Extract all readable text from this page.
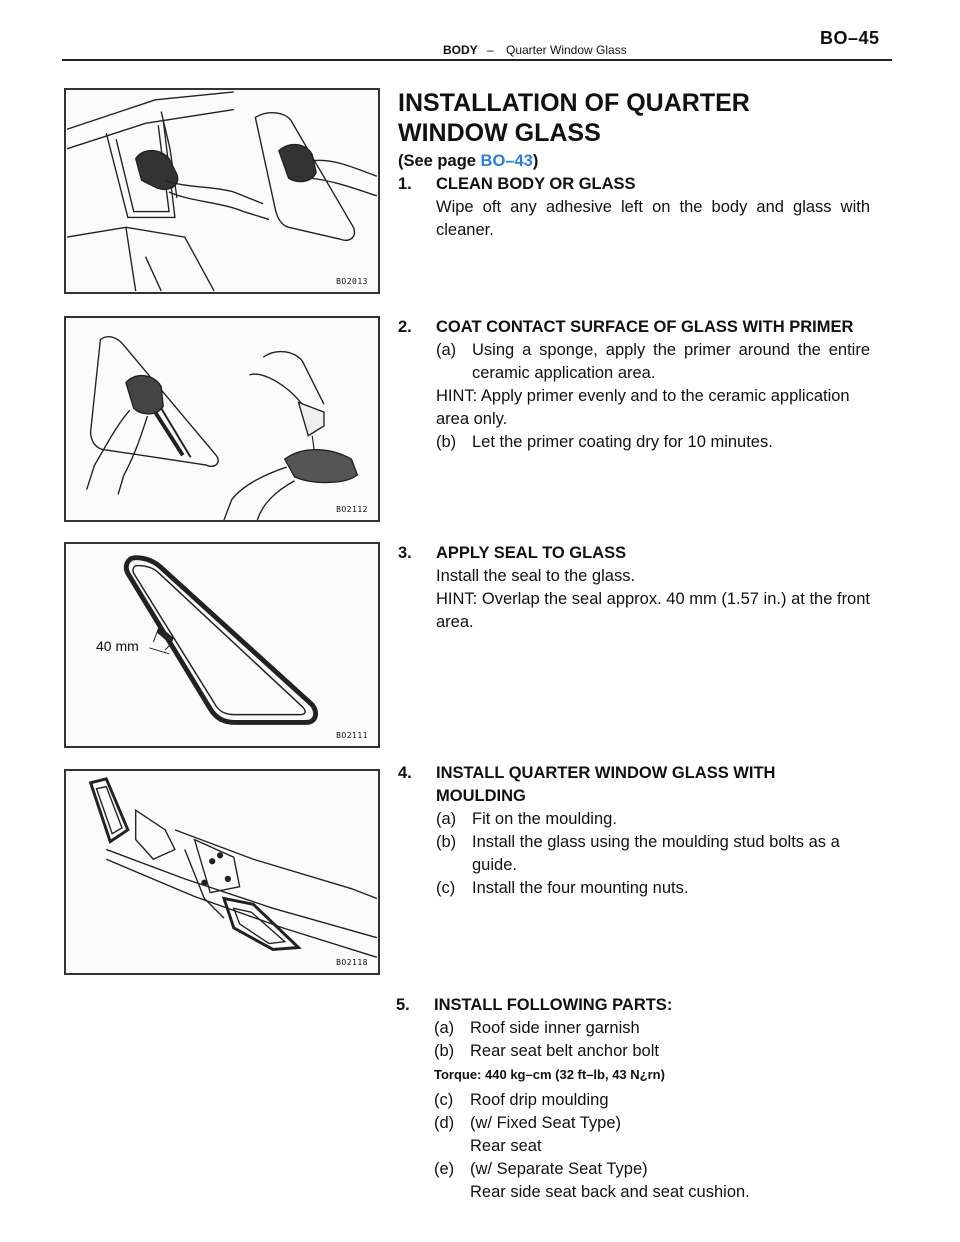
BODY – Quarter Window Glass
BO–45
BO2013
BO2112
40 mm
BO2111
BO2118
INSTALLATION OF QUARTER
WINDOW GLASS
(See page BO–43)
1. CLEAN BODY OR GLASS
Wipe oft any adhesive left on the body and glass with cleaner.
2. COAT CONTACT SURFACE OF GLASS WITH PRIMER
(a) Using a sponge, apply the primer around the entire ceramic application area.
HINT: Apply primer evenly and to the ceramic application area only.
(b) Let the primer coating dry for 10 minutes.
3. APPLY SEAL TO GLASS
Install the seal to the glass.
HINT: Overlap the seal approx. 40 mm (1.57 in.) at the front area.
4.	INSTALL QUARTER WINDOW GLASS WITH MOULDING
(a) Fit on the moulding.
(b) Install the glass using the moulding stud bolts as a guide.
(c)	Install the four mounting nuts.
5. INSTALL FOLLOWING PARTS:
(a) Roof side inner garnish
(b) Rear seat belt anchor bolt
Torque: 440 kg–cm (32 ft–lb, 43 N¿rn)
(c)	Roof drip moulding
(d) (w/ Fixed Seat Type)
Rear seat
(e) (w/ Separate Seat Type)
Rear side seat back and seat cushion.
